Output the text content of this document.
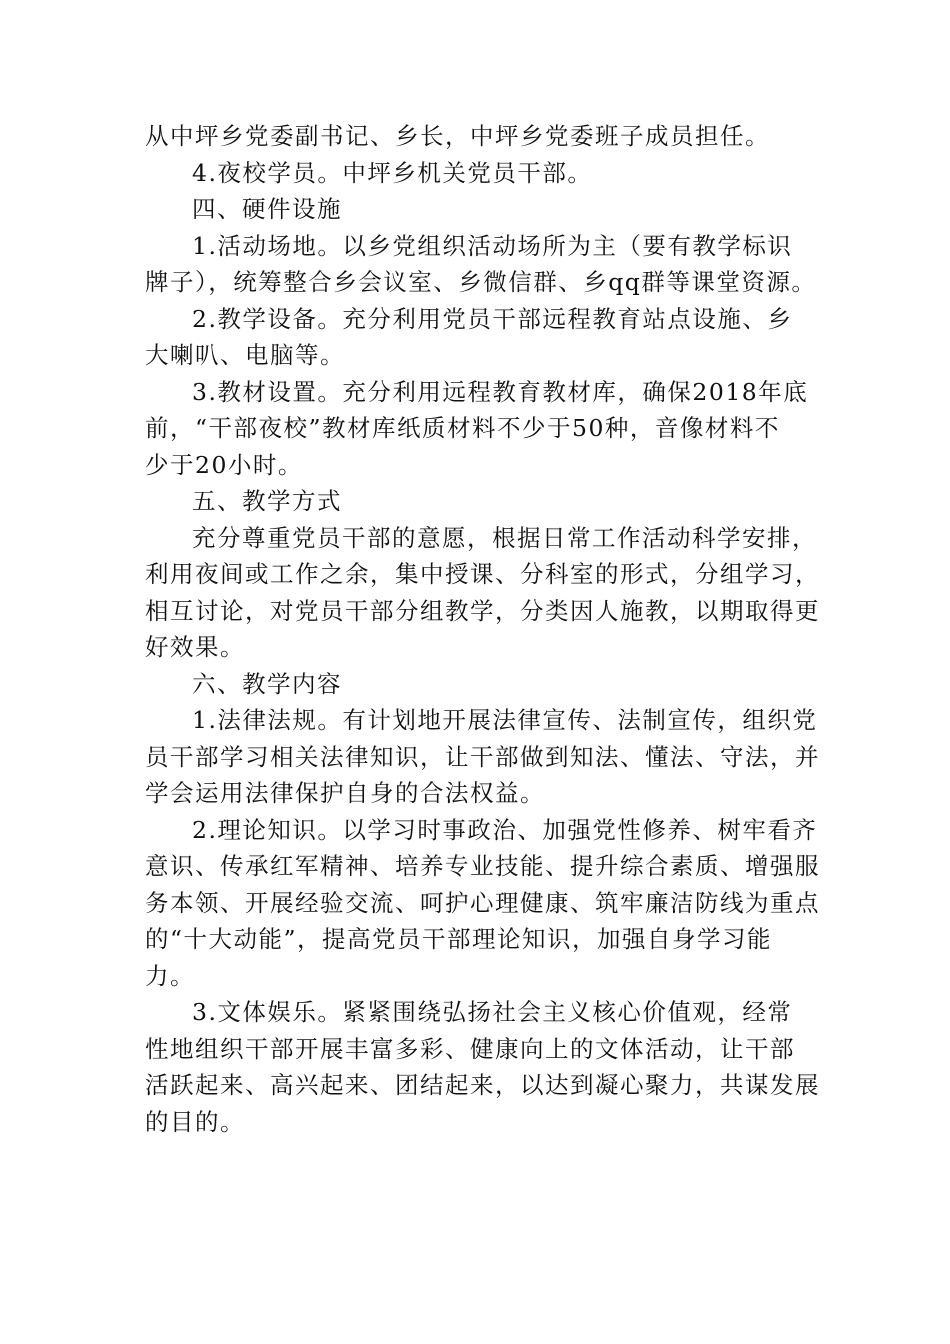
从中坪乡党委副书记、乡长，中坪乡党委班子成员担任。
4.夜校学员。中坪乡机关党员干部。
四、硬件设施
1.活动场地。以乡党组织活动场所为主（要有教学标识
牌子），统筹整合乡会议室、乡微信群、乡qq群等课堂资源。
2.教学设备。充分利用党员干部远程教育站点设施、乡
大喇叭、电脑等。
3.教材设置。充分利用远程教育教材库，确保2018年底
前，“干部夜校”教材库纸质材料不少于50种，音像材料不
少于20小时。
五、教学方式
充分尊重党员干部的意愿，根据日常工作活动科学安排，
利用夜间或工作之余，集中授课、分科室的形式，分组学习，
相互讨论，对党员干部分组教学，分类因人施教，以期取得更
好效果。
六、教学内容
1.法律法规。有计划地开展法律宣传、法制宣传，组织党
员干部学习相关法律知识，让干部做到知法、懂法、守法，并
学会运用法律保护自身的合法权益。
2.理论知识。以学习时事政治、加强党性修养、树牢看齐
意识、传承红军精神、培养专业技能、提升综合素质、增强服
务本领、开展经验交流、呵护心理健康、筑牢廉洁防线为重点
的“十大动能”，提高党员干部理论知识，加强自身学习能
力。
3.文体娱乐。紧紧围绕弘扬社会主义核心价值观，经常
性地组织干部开展丰富多彩、健康向上的文体活动，让干部
活跃起来、高兴起来、团结起来，以达到凝心聚力，共谋发展
的目的。
